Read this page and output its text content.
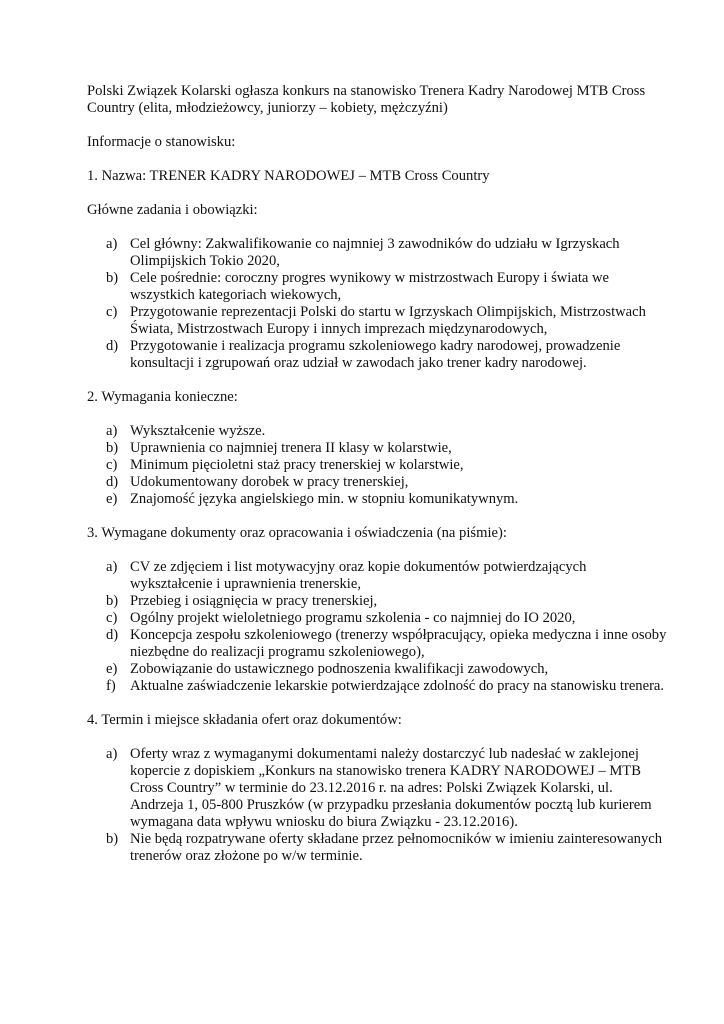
Polski Związek Kolarski ogłasza konkurs na stanowisko Trenera Kadry Narodowej MTB Cross Country (elita, młodzieżowcy, juniorzy – kobiety, mężczyźni)

Informacje o stanowisku:

1. Nazwa: TRENER KADRY NARODOWEJ – MTB Cross Country

Główne zadania i obowiązki:

a) Cel główny: Zakwalifikowanie co najmniej 3 zawodników do udziału w Igrzyskach Olimpijskich Tokio 2020,
b) Cele pośrednie: coroczny progres wynikowy w mistrzostwach Europy i świata we wszystkich kategoriach wiekowych,
c) Przygotowanie reprezentacji Polski do startu w Igrzyskach Olimpijskich, Mistrzostwach Świata, Mistrzostwach Europy i innych imprezach międzynarodowych,
d) Przygotowanie i realizacja programu szkoleniowego kadry narodowej, prowadzenie konsultacji i zgrupowań oraz udział w zawodach jako trener kadry narodowej.

2. Wymagania konieczne:

a) Wykształcenie wyższe.
b) Uprawnienia co najmniej trenera II klasy w kolarstwie,
c) Minimum pięcioletni staż pracy trenerskiej w kolarstwie,
d) Udokumentowany dorobek w pracy trenerskiej,
e) Znajomość języka angielskiego min. w stopniu komunikatywnym.

3. Wymagane dokumenty oraz opracowania i oświadczenia (na piśmie):

a) CV ze zdjęciem i list motywacyjny oraz kopie dokumentów potwierdzających wykształcenie i uprawnienia trenerskie,
b) Przebieg i osiągnięcia w pracy trenerskiej,
c) Ogólny projekt wieloletniego programu szkolenia - co najmniej do IO 2020,
d) Koncepcja zespołu szkoleniowego (trenerzy współpracujący, opieka medyczna i inne osoby niezbędne do realizacji programu szkoleniowego),
e) Zobowiązanie do ustawicznego podnoszenia kwalifikacji zawodowych,
f) Aktualne zaświadczenie lekarskie potwierdzające zdolność do pracy na stanowisku trenera.

4. Termin i miejsce składania ofert oraz dokumentów:

a) Oferty wraz z wymaganymi dokumentami należy dostarczyć lub nadesłać w zaklejonej kopercie z dopiskiem „Konkurs na stanowisko trenera KADRY NARODOWEJ – MTB Cross Country” w terminie do 23.12.2016 r. na adres: Polski Związek Kolarski, ul. Andrzeja 1, 05-800 Pruszków (w przypadku przesłania dokumentów pocztą lub kurierem wymagana data wpływu wniosku do biura Związku - 23.12.2016).
b) Nie będą rozpatrywane oferty składane przez pełnomocników w imieniu zainteresowanych trenerów oraz złożone po w/w terminie.
